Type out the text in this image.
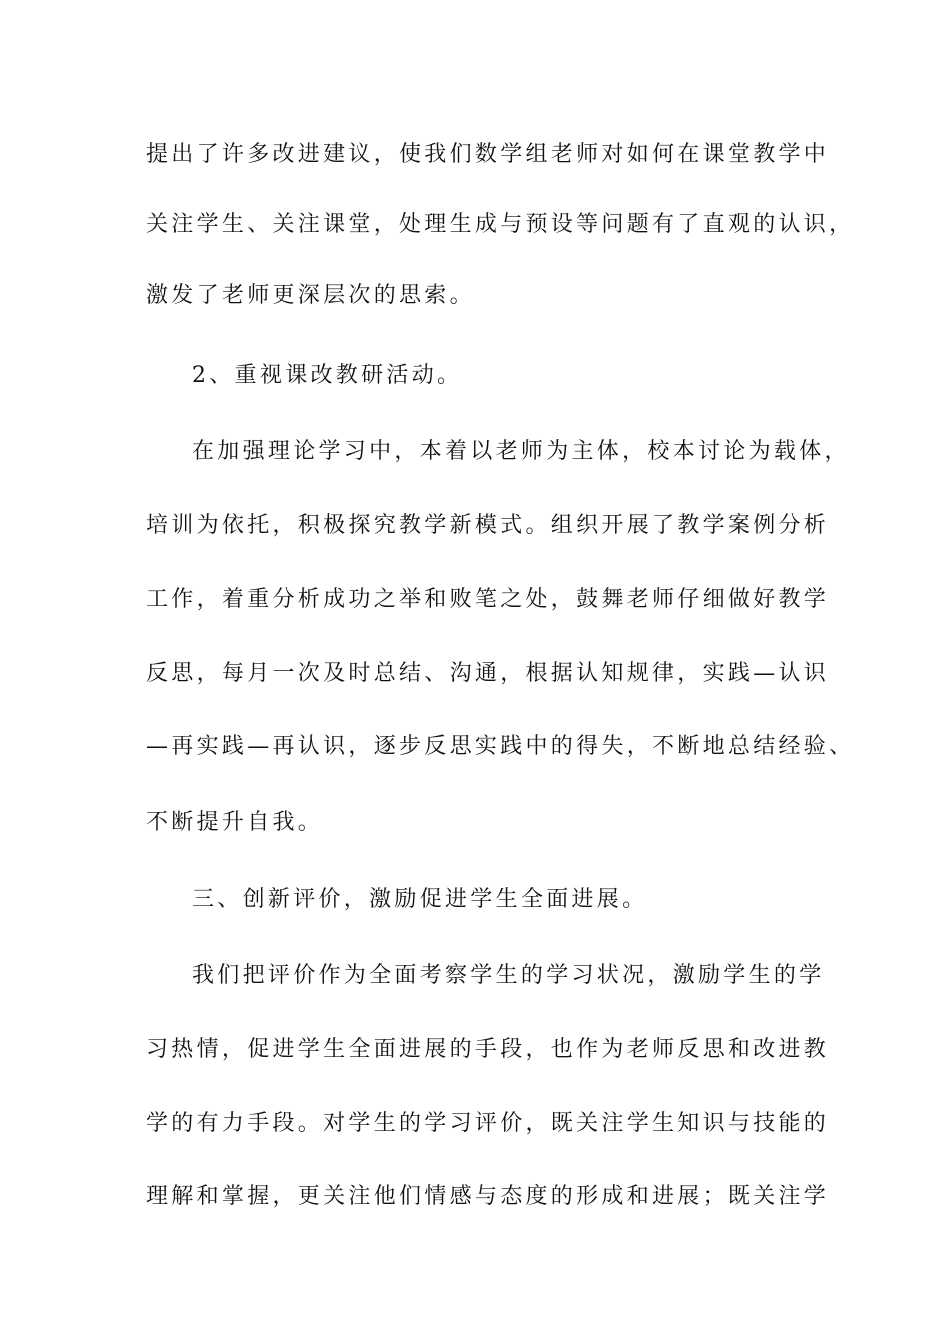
提出了许多改进建议，使我们数学组老师对如何在课堂教学中
关注学生、关注课堂，处理生成与预设等问题有了直观的认识，
激发了老师更深层次的思索。
2、重视课改教研活动。
在加强理论学习中，本着以老师为主体，校本讨论为载体，
培训为依托，积极探究教学新模式。组织开展了教学案例分析
工作，着重分析成功之举和败笔之处，鼓舞老师仔细做好教学
反思，每月一次及时总结、沟通，根据认知规律，实践—认识
—再实践—再认识，逐步反思实践中的得失，不断地总结经验、
不断提升自我。
三、创新评价，激励促进学生全面进展。
我们把评价作为全面考察学生的学习状况，激励学生的学
习热情，促进学生全面进展的手段，也作为老师反思和改进教
学的有力手段。对学生的学习评价，既关注学生知识与技能的
理解和掌握，更关注他们情感与态度的形成和进展；既关注学
